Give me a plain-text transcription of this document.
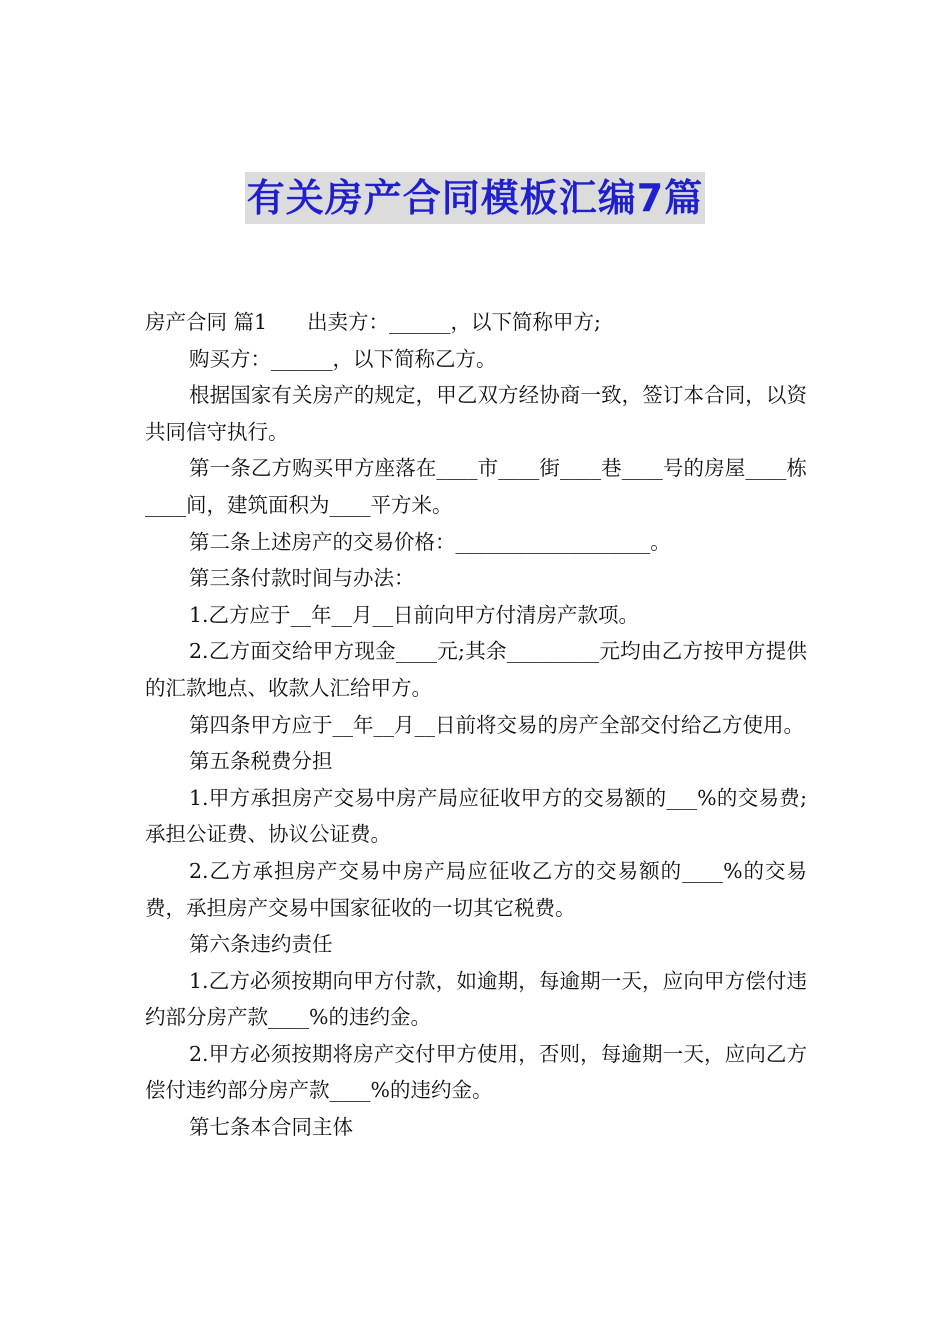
有关房产合同模板汇编7篇

房产合同 篇1 出卖方：______，以下简称甲方;

购买方：______，以下简称乙方。

根据国家有关房产的规定，甲乙双方经协商一致，签订本合同，以资共同信守执行。

第一条乙方购买甲方座落在____市____街____巷____号的房屋____栋____间，建筑面积为____平方米。

第二条上述房产的交易价格：___________________。

第三条付款时间与办法：

1.乙方应于__年__月__日前向甲方付清房产款项。

2.乙方面交给甲方现金____元;其余_________元均由乙方按甲方提供的汇款地点、收款人汇给甲方。

第四条甲方应于__年__月__日前将交易的房产全部交付给乙方使用。

第五条税费分担

1.甲方承担房产交易中房产局应征收甲方的交易额的___%的交易费;承担公证费、协议公证费。

2.乙方承担房产交易中房产局应征收乙方的交易额的____%的交易费，承担房产交易中国家征收的一切其它税费。

第六条违约责任

1.乙方必须按期向甲方付款，如逾期，每逾期一天，应向甲方偿付违约部分房产款____%的违约金。

2.甲方必须按期将房产交付甲方使用，否则，每逾期一天，应向乙方偿付违约部分房产款____%的违约金。

第七条本合同主体
